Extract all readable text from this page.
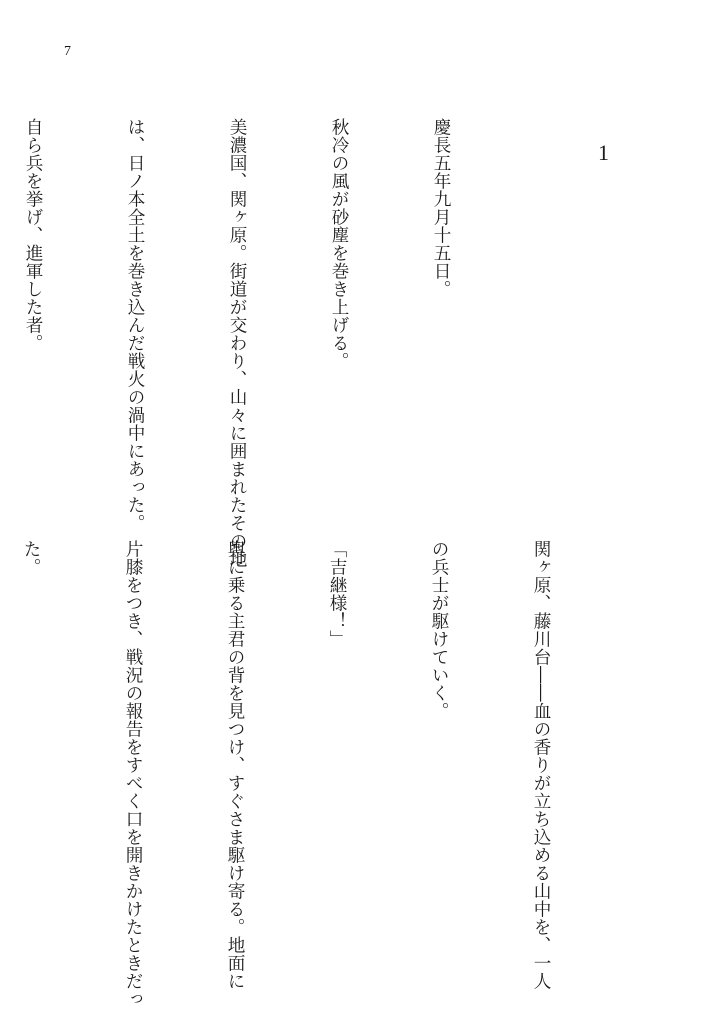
7
1

慶長五年九月十五日。

秋冷の風が砂塵を巻き上げる。

美濃国、関ヶ原。街道が交わり、山々に囲まれたその地

は、日ノ本全土を巻き込んだ戦火の渦中にあった。

自ら兵を挙げ、進軍した者。

関ヶ原、藤川台――血の香りが立ち込める山中を、一人

の兵士が駆けていく。

「吉継様！」

輿に乗る主君の背を見つけ、すぐさま駆け寄る。地面に

片膝をつき、戦況の報告をすべく口を開きかけたときだっ

た。
